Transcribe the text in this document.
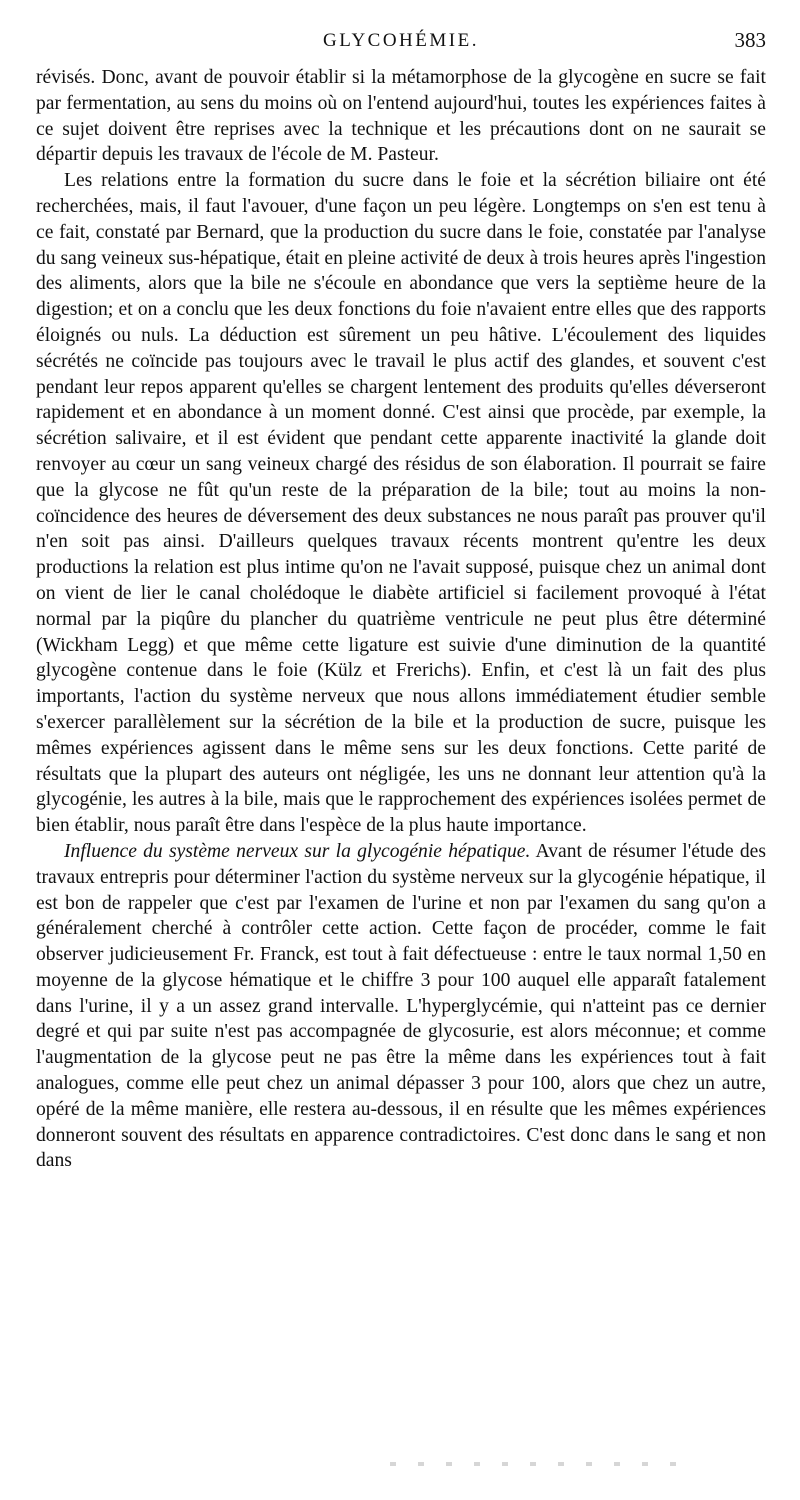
GLYCOHÉMIE.	383

révisés. Donc, avant de pouvoir établir si la métamorphose de la glycogène en sucre se fait par fermentation, au sens du moins où on l'entend aujourd'hui, toutes les expériences faites à ce sujet doivent être reprises avec la technique et les précautions dont on ne saurait se départir depuis les travaux de l'école de M. Pasteur.

Les relations entre la formation du sucre dans le foie et la sécrétion biliaire ont été recherchées, mais, il faut l'avouer, d'une façon un peu légère. Longtemps on s'en est tenu à ce fait, constaté par Bernard, que la production du sucre dans le foie, constatée par l'analyse du sang veineux sus-hépatique, était en pleine activité de deux à trois heures après l'ingestion des aliments, alors que la bile ne s'écoule en abondance que vers la septième heure de la digestion; et on a conclu que les deux fonctions du foie n'avaient entre elles que des rapports éloignés ou nuls. La déduction est sûrement un peu hâtive. L'écoulement des liquides sécrétés ne coïncide pas toujours avec le travail le plus actif des glandes, et souvent c'est pendant leur repos apparent qu'elles se chargent lentement des produits qu'elles déverseront rapidement et en abondance à un moment donné. C'est ainsi que procède, par exemple, la sécrétion salivaire, et il est évident que pendant cette apparente inactivité la glande doit renvoyer au cœur un sang veineux chargé des résidus de son élaboration. Il pourrait se faire que la glycose ne fût qu'un reste de la préparation de la bile; tout au moins la non-coïncidence des heures de déversement des deux substances ne nous paraît pas prouver qu'il n'en soit pas ainsi. D'ailleurs quelques travaux récents montrent qu'entre les deux productions la relation est plus intime qu'on ne l'avait supposé, puisque chez un animal dont on vient de lier le canal cholédoque le diabète artificiel si facilement provoqué à l'état normal par la piqûre du plancher du quatrième ventricule ne peut plus être déterminé (Wickham Legg) et que même cette ligature est suivie d'une diminution de la quantité glycogène contenue dans le foie (Külz et Frerichs). Enfin, et c'est là un fait des plus importants, l'action du système nerveux que nous allons immédiatement étudier semble s'exercer parallèlement sur la sécrétion de la bile et la production de sucre, puisque les mêmes expériences agissent dans le même sens sur les deux fonctions. Cette parité de résultats que la plupart des auteurs ont négligée, les uns ne donnant leur attention qu'à la glycogénie, les autres à la bile, mais que le rapprochement des expériences isolées permet de bien établir, nous paraît être dans l'espèce de la plus haute importance.

Influence du système nerveux sur la glycogénie hépatique. Avant de résumer l'étude des travaux entrepris pour déterminer l'action du système nerveux sur la glycogénie hépatique, il est bon de rappeler que c'est par l'examen de l'urine et non par l'examen du sang qu'on a généralement cherché à contrôler cette action. Cette façon de procéder, comme le fait observer judicieusement Fr. Franck, est tout à fait défectueuse : entre le taux normal 1,50 en moyenne de la glycose hématique et le chiffre 3 pour 100 auquel elle apparaît fatalement dans l'urine, il y a un assez grand intervalle. L'hyperglycémie, qui n'atteint pas ce dernier degré et qui par suite n'est pas accompagnée de glycosurie, est alors méconnue; et comme l'augmentation de la glycose peut ne pas être la même dans les expériences tout à fait analogues, comme elle peut chez un animal dépasser 3 pour 100, alors que chez un autre, opéré de la même manière, elle restera au-dessous, il en résulte que les mêmes expériences donneront souvent des résultats en apparence contradictoires. C'est donc dans le sang et non dans
